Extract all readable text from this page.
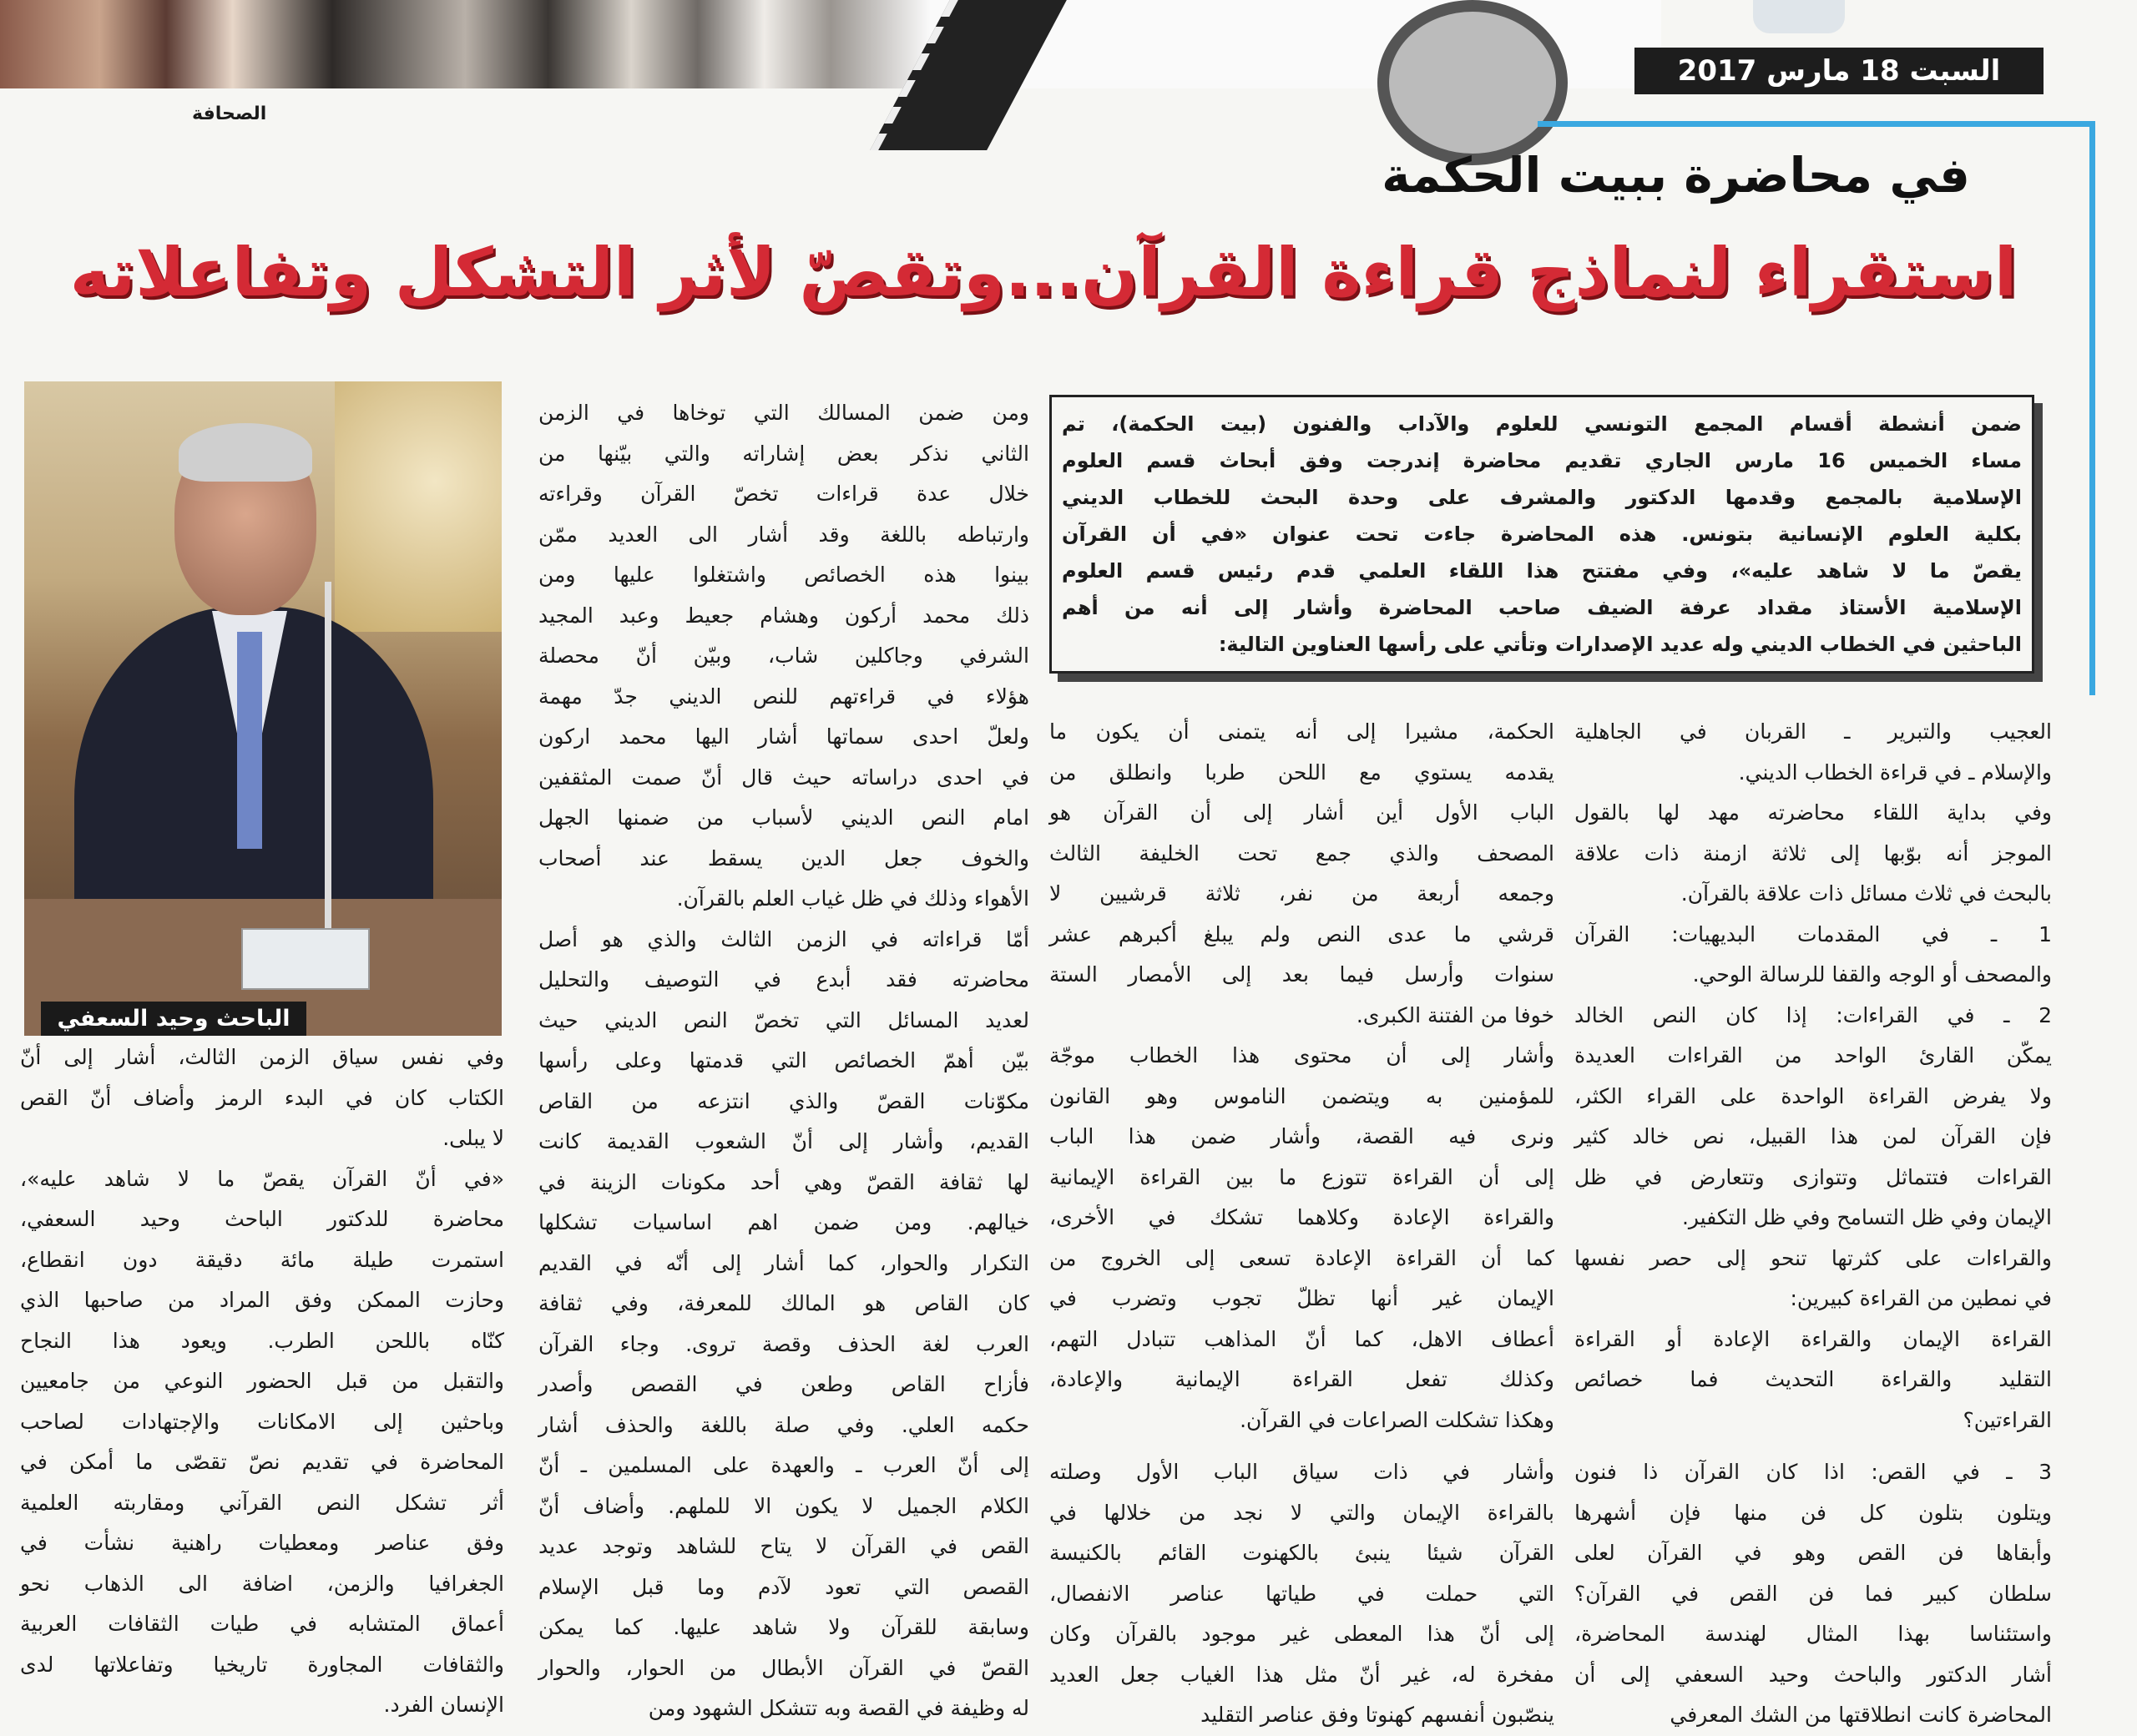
السبت 18 مارس 2017
الصحافة
في محاضرة ببيت الحكمة
استقراء لنماذج قراءة القرآن...وتقصّ لأثر التشكل وتفاعلاته
ضمن أنشطة أقسام المجمع التونسي للعلوم والآداب والفنون (بيت الحكمة)، تم
مساء الخميس 16 مارس الجاري تقديم محاضرة إندرجت وفق أبحاث قسم العلوم
الإسلامية بالمجمع وقدمها الدكتور والمشرف على وحدة البحث للخطاب الديني
بكلية العلوم الإنسانية بتونس. هذه المحاضرة جاءت تحت عنوان «في أن القرآن
يقصّ ما لا شاهد عليه»، وفي مفتتح هذا اللقاء العلمي قدم رئيس قسم العلوم
الإسلامية الأستاذ مقداد عرفة الضيف صاحب المحاضرة وأشار إلى أنه من أهم
الباحثين في الخطاب الديني وله عديد الإصدارات وتأتي على رأسها العناوين التالية:
العجيب والتبرير ـ القربان في الجاهلية
والإسلام ـ في قراءة الخطاب الديني.
وفي بداية اللقاء محاضرته مهد لها بالقول
الموجز أنه بوّبها إلى ثلاثة ازمنة ذات علاقة
بالبحث في ثلاث مسائل ذات علاقة بالقرآن.
1 ـ في المقدمات البديهيات: القرآن
والمصحف أو الوجه والقفا للرسالة الوحي.
2 ـ في القراءات: إذا كان النص الخالد
يمكّن القارئ الواحد من القراءات العديدة
ولا يفرض القراءة الواحدة على القراء الكثر،
فإن القرآن لمن هذا القبيل، نص خالد كثير
القراءات فتتماثل وتتوازى وتتعارض في ظل
الإيمان وفي ظل التسامح وفي ظل التكفير.
والقراءات على كثرتها تنحو إلى حصر نفسها
في نمطين من القراءة كبيرين:
القراءة الإيمان والقراءة الإعادة أو القراءة
التقليد والقراءة التحديث فما خصائص
القراءتين؟
3 ـ في القص: اذا كان القرآن ذا فنون
ويتلون بتلون كل فن منها فإن أشهرها
وأبقاها فن القص وهو في القرآن لعلى
سلطان كبير فما فن القص في القرآن؟
واستئناسا بهذا المثال لهندسة المحاضرة،
أشار الدكتور والباحث وحيد السعفي إلى أن
المحاضرة كانت انطلاقتها من الشك المعرفي
الحكمة، مشيرا إلى أنه يتمنى أن يكون ما
يقدمه يستوي مع اللحن طربا وانطلق من
الباب الأول أين أشار إلى أن القرآن هو
المصحف والذي جمع تحت الخليفة الثالث
وجمعه أربعة من نفر، ثلاثة قرشيين لا
قرشي ما عدى النص ولم يبلغ أكبرهم عشر
سنوات وأرسل فيما بعد إلى الأمصار الستة
خوفا من الفتنة الكبرى.
وأشار إلى أن محتوى هذا الخطاب موجّة
للمؤمنين به ويتضمن الناموس وهو القانون
ونرى فيه القصة، وأشار ضمن هذا الباب
إلى أن القراءة تتوزع ما بين القراءة الإيمانية
والقراءة الإعادة وكلاهما تشكك في الأخرى،
كما أن القراءة الإعادة تسعى إلى الخروج من
الإيمان غير أنها تظلّ تجوب وتضرب في
أعطاف الاهل، كما أنّ المذاهب تتبادل التهم،
وكذلك تفعل القراءة الإيمانية والإعادة،
وهكذا تشكلت الصراعات في القرآن.
وأشار في ذات سياق الباب الأول وصلته
بالقراءة الإيمان والتي لا نجد من خلالها في
القرآن شيئا ينبئ بالكهنوت القائم بالكنيسة
التي حملت في طياتها عناصر الانفصال،
إلى أنّ هذا المعطى غير موجود بالقرآن وكان
مفخرة له، غير أنّ مثل هذا الغياب جعل العديد
ينصّبون أنفسهم كهنوتا وفق عناصر التقليد
ومن ضمن المسالك التي توخاها في الزمن
الثاني نذكر بعض إشاراته والتي بيّنها من
خلال عدة قراءات تخصّ القرآن وقراءته
وارتباطه باللغة وقد أشار الى العديد ممّن
بينوا هذه الخصائص واشتغلوا عليها ومن
ذلك محمد أركون وهشام جعيط وعبد المجيد
الشرفي وجاكلين شاب، وبيّن أنّ محصلة
هؤلاء في قراءتهم للنص الديني جدّ مهمة
ولعلّ احدى سماتها أشار اليها محمد اركون
في احدى دراساته حيث قال أنّ صمت المثقفين
امام النص الديني لأسباب من ضمنها الجهل
والخوف جعل الدين يسقط عند أصحاب
الأهواء وذلك في ظل غياب العلم بالقرآن.
أمّا قراءاته في الزمن الثالث والذي هو أصل
محاضرته فقد أبدع في التوصيف والتحليل
لعديد المسائل التي تخصّ النص الديني حيث
بيّن أهمّ الخصائص التي قدمتها وعلى رأسها
مكوّنات القصّ والذي انتزعه من القاص
القديم، وأشار إلى أنّ الشعوب القديمة كانت
لها ثقافة القصّ وهي أحد مكونات الزينة في
خيالهم. ومن ضمن اهم اساسيات تشكلها
التكرار والحوار، كما أشار إلى أنّه في القديم
كان القاص هو المالك للمعرفة، وفي ثقافة
العرب لغة الحذف وقصة تروى. وجاء القرآن
فأزاح القاص وطعن في القصص وأصدر
حكمه العلي. وفي صلة باللغة والحذف أشار
إلى أنّ العرب ـ والعهدة على المسلمين ـ أنّ
الكلام الجميل لا يكون الا للملهم. وأضاف أنّ
القص في القرآن لا يتاح للشاهد وتوجد عديد
القصص التي تعود لآدم وما قبل الإسلام
وسابقة للقرآن ولا شاهد عليها. كما يمكن
القصّ في القرآن الأبطال من الحوار، والحوار
له وظيفة في القصة وبه تتشكل الشهود ومن
وفي نفس سياق الزمن الثالث، أشار إلى أنّ
الكتاب كان في البدء الرمز وأضاف أنّ القص
لا يبلى.
«في أنّ القرآن يقصّ ما لا شاهد عليه»،
محاضرة للدكتور الباحث وحيد السعفي،
استمرت طيلة مائة دقيقة دون انقطاع،
وحازت الممكن وفق المراد من صاحبها الذي
كنّاه باللحن الطرب. ويعود هذا النجاح
والتقبل من قبل الحضور النوعي من جامعيين
وباحثين إلى الامكانات والإجتهادات لصاحب
المحاضرة في تقديم نصّ تقصّى ما أمكن في
أثر تشكل النص القرآني ومقاربته العلمية
وفق عناصر ومعطيات راهنية نشأت في
الجغرافيا والزمن، اضافة الى الذهاب نحو
أعماق المتشابه في طيات الثقافات العربية
والثقافات المجاورة تاريخيا وتفاعلاتها لدى
الإنسان الفرد.
الباحث وحيد السعفي
